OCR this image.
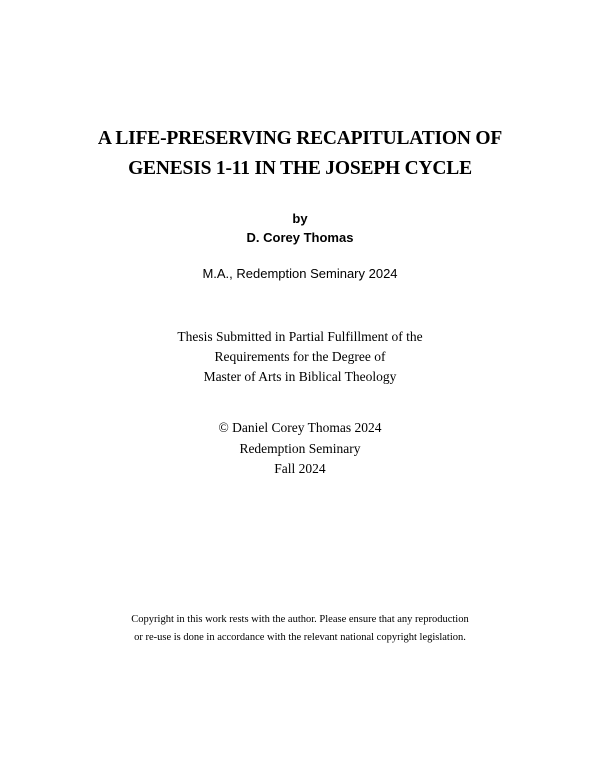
A LIFE-PRESERVING RECAPITULATION OF
GENESIS 1-11 IN THE JOSEPH CYCLE
by
D. Corey Thomas
M.A., Redemption Seminary 2024
Thesis Submitted in Partial Fulfillment of the
Requirements for the Degree of
Master of Arts in Biblical Theology
© Daniel Corey Thomas 2024
Redemption Seminary
Fall 2024
Copyright in this work rests with the author. Please ensure that any reproduction
or re-use is done in accordance with the relevant national copyright legislation.
